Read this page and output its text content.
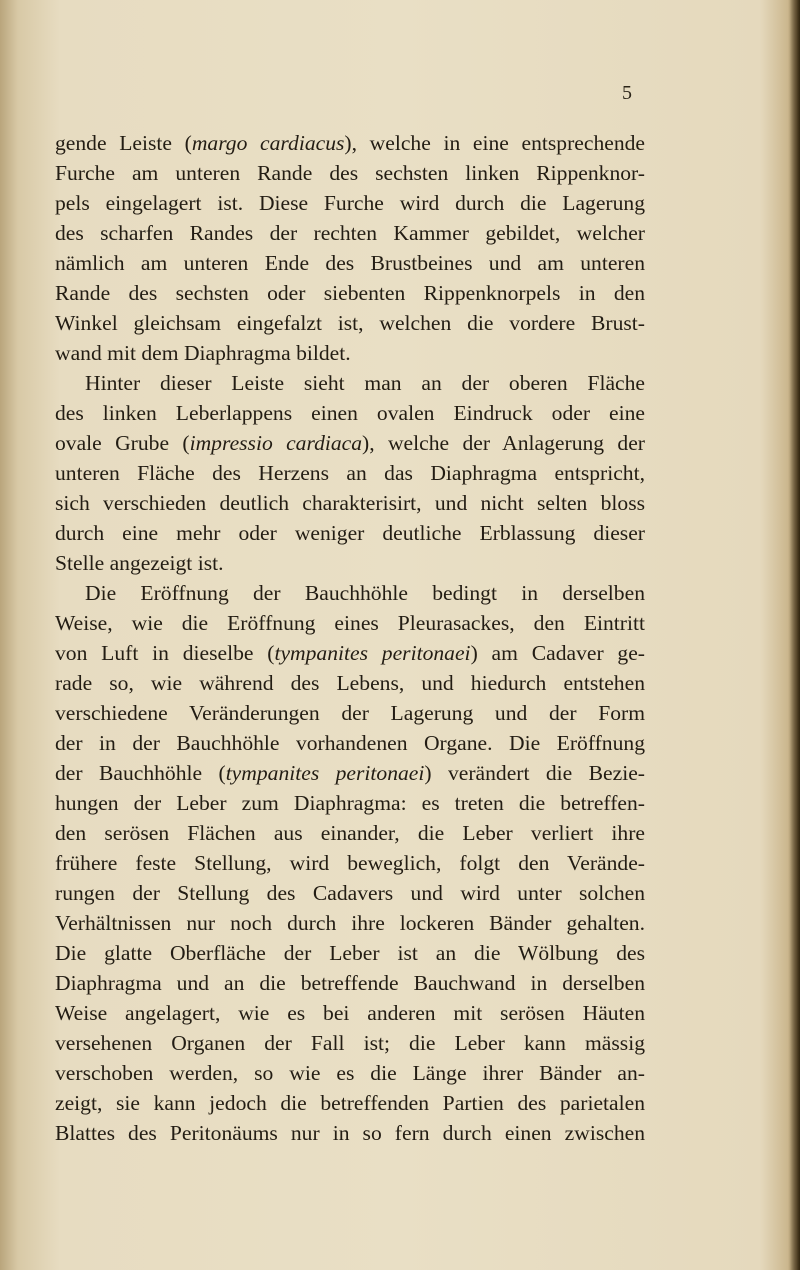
5
gende Leiste (margo cardiacus), welche in eine entsprechende
Furche am unteren Rande des sechsten linken Rippenknor-
pels eingelagert ist. Diese Furche wird durch die Lagerung
des scharfen Randes der rechten Kammer gebildet, welcher
nämlich am unteren Ende des Brustbeines und am unteren
Rande des sechsten oder siebenten Rippenknorpels in den
Winkel gleichsam eingefalzt ist, welchen die vordere Brust-
wand mit dem Diaphragma bildet.
Hinter dieser Leiste sieht man an der oberen Fläche
des linken Leberlappens einen ovalen Eindruck oder eine
ovale Grube (impressio cardiaca), welche der Anlagerung der
unteren Fläche des Herzens an das Diaphragma entspricht,
sich verschieden deutlich charakterisirt, und nicht selten bloss
durch eine mehr oder weniger deutliche Erblassung dieser
Stelle angezeigt ist.
Die Eröffnung der Bauchhöhle bedingt in derselben
Weise, wie die Eröffnung eines Pleurasackes, den Eintritt
von Luft in dieselbe (tympanites peritonaei) am Cadaver ge-
rade so, wie während des Lebens, und hiedurch entstehen
verschiedene Veränderungen der Lagerung und der Form
der in der Bauchhöhle vorhandenen Organe. Die Eröffnung
der Bauchhöhle (tympanites peritonaei) verändert die Bezie-
hungen der Leber zum Diaphragma: es treten die betreffen-
den serösen Flächen aus einander, die Leber verliert ihre
frühere feste Stellung, wird beweglich, folgt den Verände-
rungen der Stellung des Cadavers und wird unter solchen
Verhältnissen nur noch durch ihre lockeren Bänder gehalten.
Die glatte Oberfläche der Leber ist an die Wölbung des
Diaphragma und an die betreffende Bauchwand in derselben
Weise angelagert, wie es bei anderen mit serösen Häuten
versehenen Organen der Fall ist; die Leber kann mässig
verschoben werden, so wie es die Länge ihrer Bänder an-
zeigt, sie kann jedoch die betreffenden Partien des parietalen
Blattes des Peritonäums nur in so fern durch einen zwischen
